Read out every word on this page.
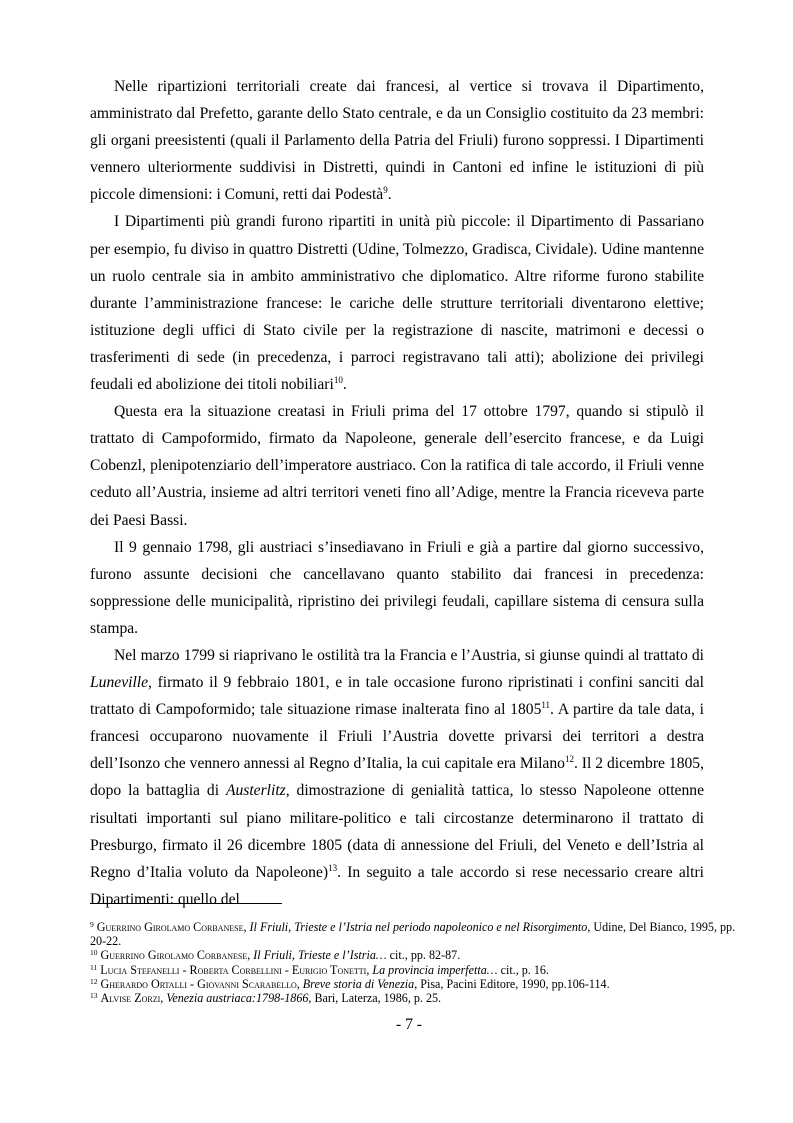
Nelle ripartizioni territoriali create dai francesi, al vertice si trovava il Dipartimento, amministrato dal Prefetto, garante dello Stato centrale, e da un Consiglio costituito da 23 membri: gli organi preesistenti (quali il Parlamento della Patria del Friuli) furono soppressi. I Dipartimenti vennero ulteriormente suddivisi in Distretti, quindi in Cantoni ed infine le istituzioni di più piccole dimensioni: i Comuni, retti dai Podestà$^9$.

I Dipartimenti più grandi furono ripartiti in unità più piccole: il Dipartimento di Passariano per esempio, fu diviso in quattro Distretti (Udine, Tolmezzo, Gradisca, Cividale). Udine mantenne un ruolo centrale sia in ambito amministrativo che diplomatico. Altre riforme furono stabilite durante l’amministrazione francese: le cariche delle strutture territoriali diventarono elettive; istituzione degli uffici di Stato civile per la registrazione di nascite, matrimoni e decessi o trasferimenti di sede (in precedenza, i parroci registravano tali atti); abolizione dei privilegi feudali ed abolizione dei titoli nobiliari$^{10}$.

Questa era la situazione creatasi in Friuli prima del 17 ottobre 1797, quando si stipulò il trattato di Campoformido, firmato da Napoleone, generale dell’esercito francese, e da Luigi Cobenzl, plenipotenziario dell’imperatore austriaco. Con la ratifica di tale accordo, il Friuli venne ceduto all’Austria, insieme ad altri territori veneti fino all’Adige, mentre la Francia riceveva parte dei Paesi Bassi.

Il 9 gennaio 1798, gli austriaci s’insediavano in Friuli e già a partire dal giorno successivo, furono assunte decisioni che cancellavano quanto stabilito dai francesi in precedenza: soppressione delle municipalità, ripristino dei privilegi feudali, capillare sistema di censura sulla stampa.

Nel marzo 1799 si riaprivano le ostilità tra la Francia e l’Austria, si giunse quindi al trattato di Luneville, firmato il 9 febbraio 1801, e in tale occasione furono ripristinati i confini sanciti dal trattato di Campoformido; tale situazione rimase inalterata fino al 1805$^{11}$. A partire da tale data, i francesi occuparono nuovamente il Friuli l’Austria dovette privarsi dei territori a destra dell’Isonzo che vennero annessi al Regno d’Italia, la cui capitale era Milano$^{12}$. Il 2 dicembre 1805, dopo la battaglia di Austerlitz, dimostrazione di genialità tattica, lo stesso Napoleone ottenne risultati importanti sul piano militare-politico e tali circostanze determinarono il trattato di Presburgo, firmato il 26 dicembre 1805 (data di annessione del Friuli, del Veneto e dell’Istria al Regno d’Italia voluto da Napoleone)$^{13}$. In seguito a tale accordo si rese necessario creare altri Dipartimenti: quello del

$^9$ Guerrino Girolamo Corbanese, Il Friuli, Trieste e l’Istria nel periodo napoleonico e nel Risorgimento, Udine, Del Bianco, 1995, pp. 20-22.

$^{10}$ Guerrino Girolamo Corbanese, Il Friuli, Trieste e l’Istria… cit., pp. 82-87.

$^{11}$ Lucia Stefanelli - Roberta Corbellini - Eurigio Tonetti, La provincia imperfetta… cit., p. 16.

$^{12}$ Gherardo Ortalli - Giovanni Scarabello, Breve storia di Venezia, Pisa, Pacini Editore, 1990, pp.106-114.

$^{13}$ Alvise Zorzi, Venezia austriaca:1798-1866, Bari, Laterza, 1986, p. 25.

- 7 -
